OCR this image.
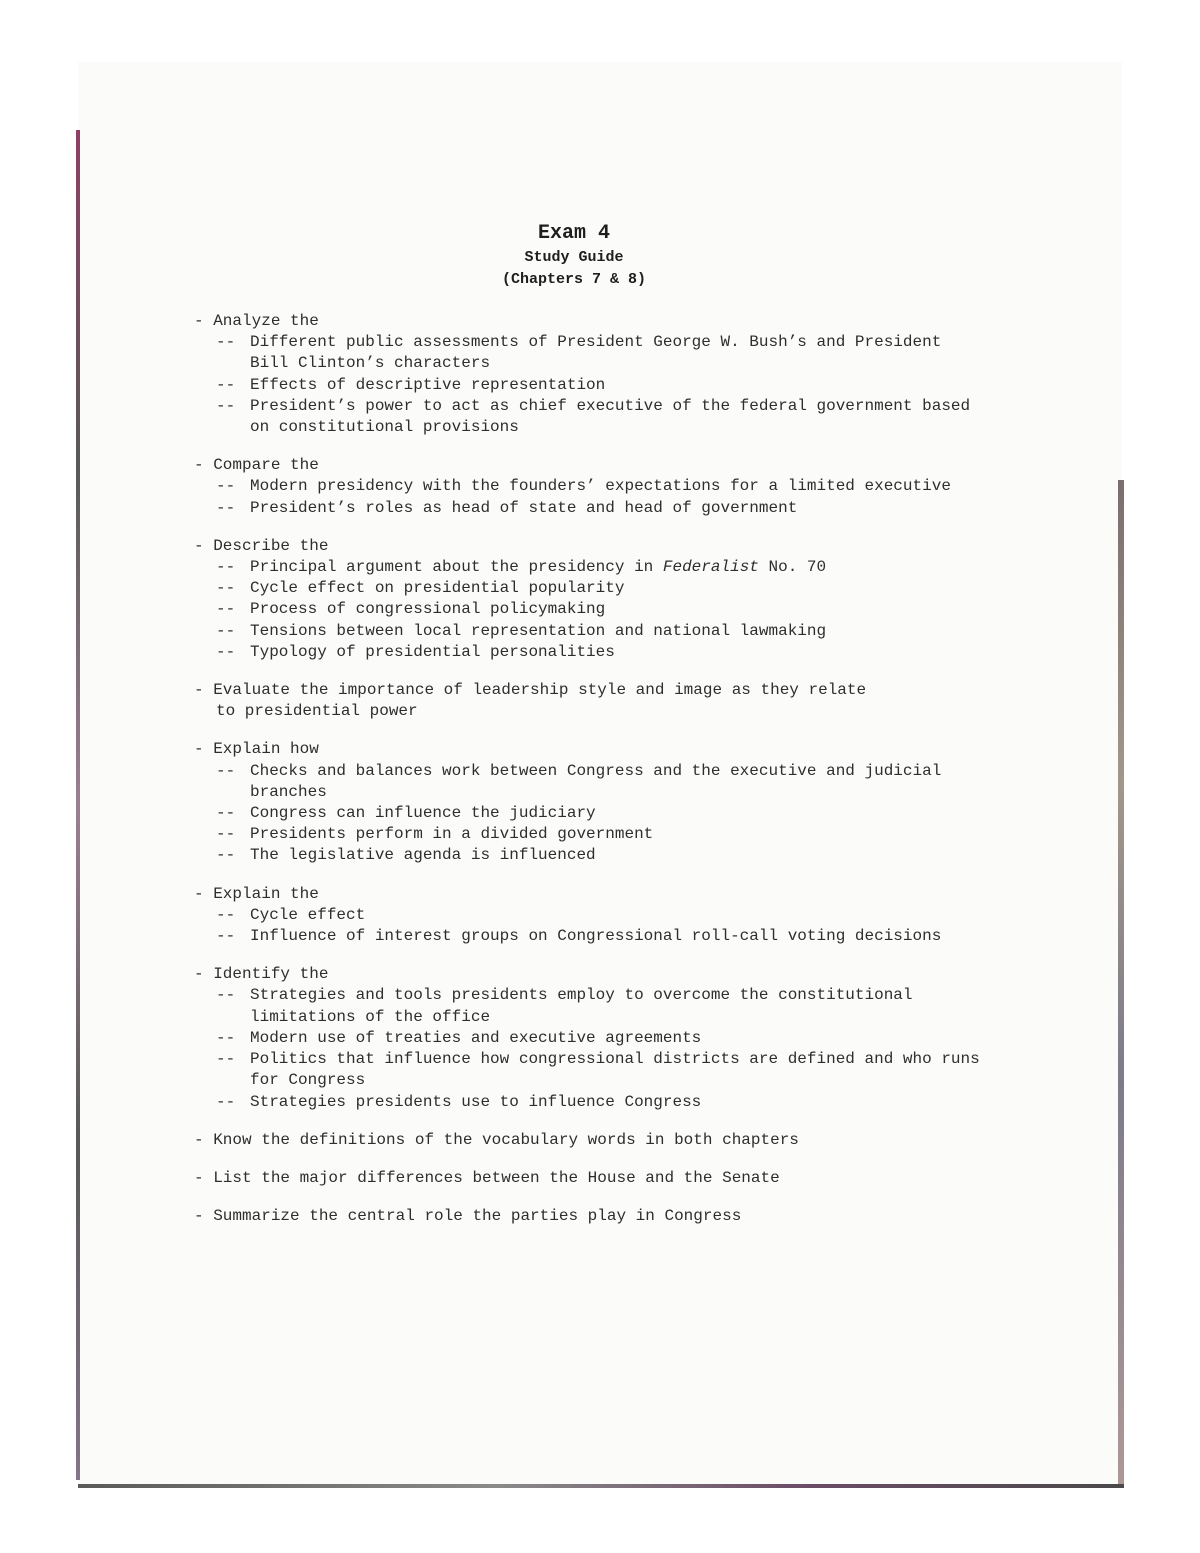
Exam 4
Study Guide
(Chapters 7 & 8)
- Analyze the
-- Different public assessments of President George W. Bush’s and President Bill Clinton’s characters
-- Effects of descriptive representation
-- President’s power to act as chief executive of the federal government based on constitutional provisions
- Compare the
-- Modern presidency with the founders’ expectations for a limited executive
-- President’s roles as head of state and head of government
- Describe the
-- Principal argument about the presidency in Federalist No. 70
-- Cycle effect on presidential popularity
-- Process of congressional policymaking
-- Tensions between local representation and national lawmaking
-- Typology of presidential personalities
- Evaluate the importance of leadership style and image as they relate
to presidential power
- Explain how
-- Checks and balances work between Congress and the executive and judicial branches
-- Congress can influence the judiciary
-- Presidents perform in a divided government
-- The legislative agenda is influenced
- Explain the
-- Cycle effect
-- Influence of interest groups on Congressional roll-call voting decisions
- Identify the
-- Strategies and tools presidents employ to overcome the constitutional limitations of the office
-- Modern use of treaties and executive agreements
-- Politics that influence how congressional districts are defined and who runs for Congress
-- Strategies presidents use to influence Congress
- Know the definitions of the vocabulary words in both chapters
- List the major differences between the House and the Senate
- Summarize the central role the parties play in Congress
